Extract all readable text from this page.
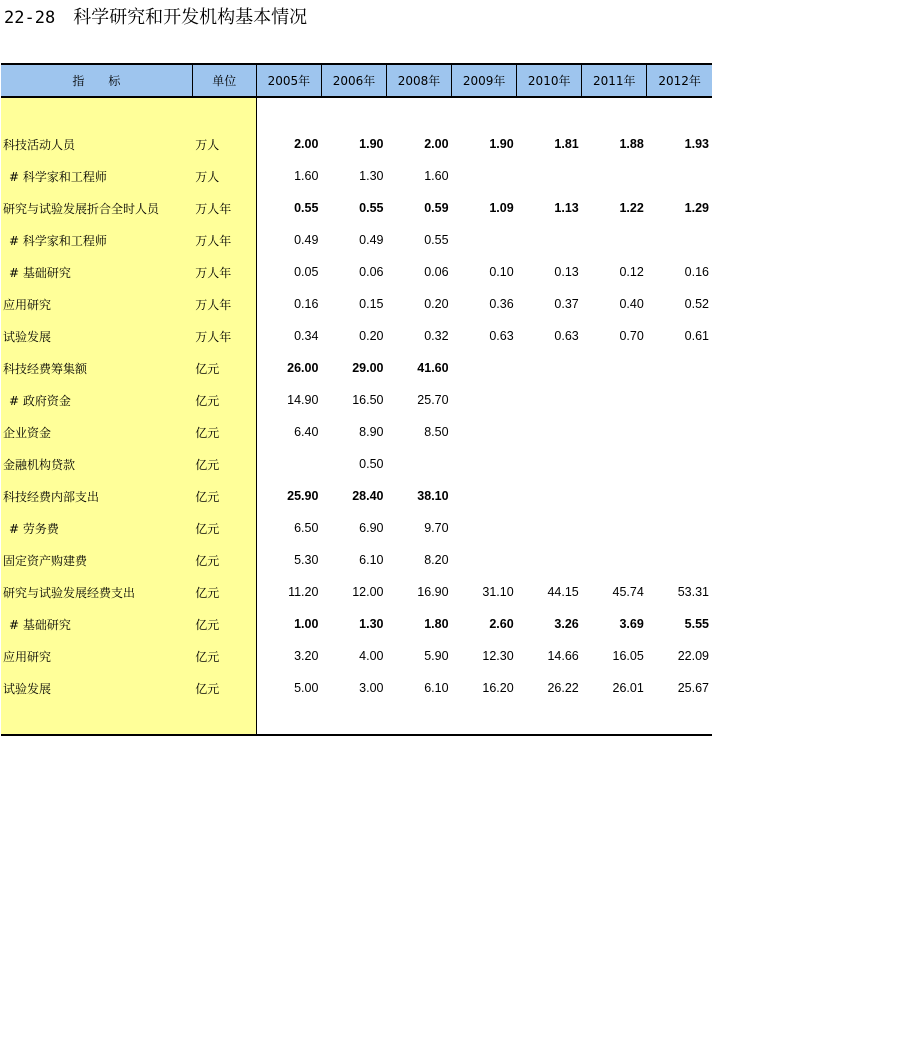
22-28 科学研究和开发机构基本情况
指　　标	单位	2005年	2006年	2008年	2009年	2010年	2011年	2012年

科技活动人员	万人	2.00	1.90	2.00	1.90	1.81	1.88	1.93
# 科学家和工程师	万人	1.60	1.30	1.60				
研究与试验发展折合全时人员	万人年	0.55	0.55	0.59	1.09	1.13	1.22	1.29
# 科学家和工程师	万人年	0.49	0.49	0.55				
# 基础研究	万人年	0.05	0.06	0.06	0.10	0.13	0.12	0.16
应用研究	万人年	0.16	0.15	0.20	0.36	0.37	0.40	0.52
试验发展	万人年	0.34	0.20	0.32	0.63	0.63	0.70	0.61
科技经费筹集额	亿元	26.00	29.00	41.60				
# 政府资金	亿元	14.90	16.50	25.70				
企业资金	亿元	6.40	8.90	8.50				
金融机构贷款	亿元		0.50					
科技经费内部支出	亿元	25.90	28.40	38.10				
# 劳务费	亿元	6.50	6.90	9.70				
固定资产购建费	亿元	5.30	6.10	8.20				
研究与试验发展经费支出	亿元	11.20	12.00	16.90	31.10	44.15	45.74	53.31
# 基础研究	亿元	1.00	1.30	1.80	2.60	3.26	3.69	5.55
应用研究	亿元	3.20	4.00	5.90	12.30	14.66	16.05	22.09
试验发展	亿元	5.00	3.00	6.10	16.20	26.22	26.01	25.67
